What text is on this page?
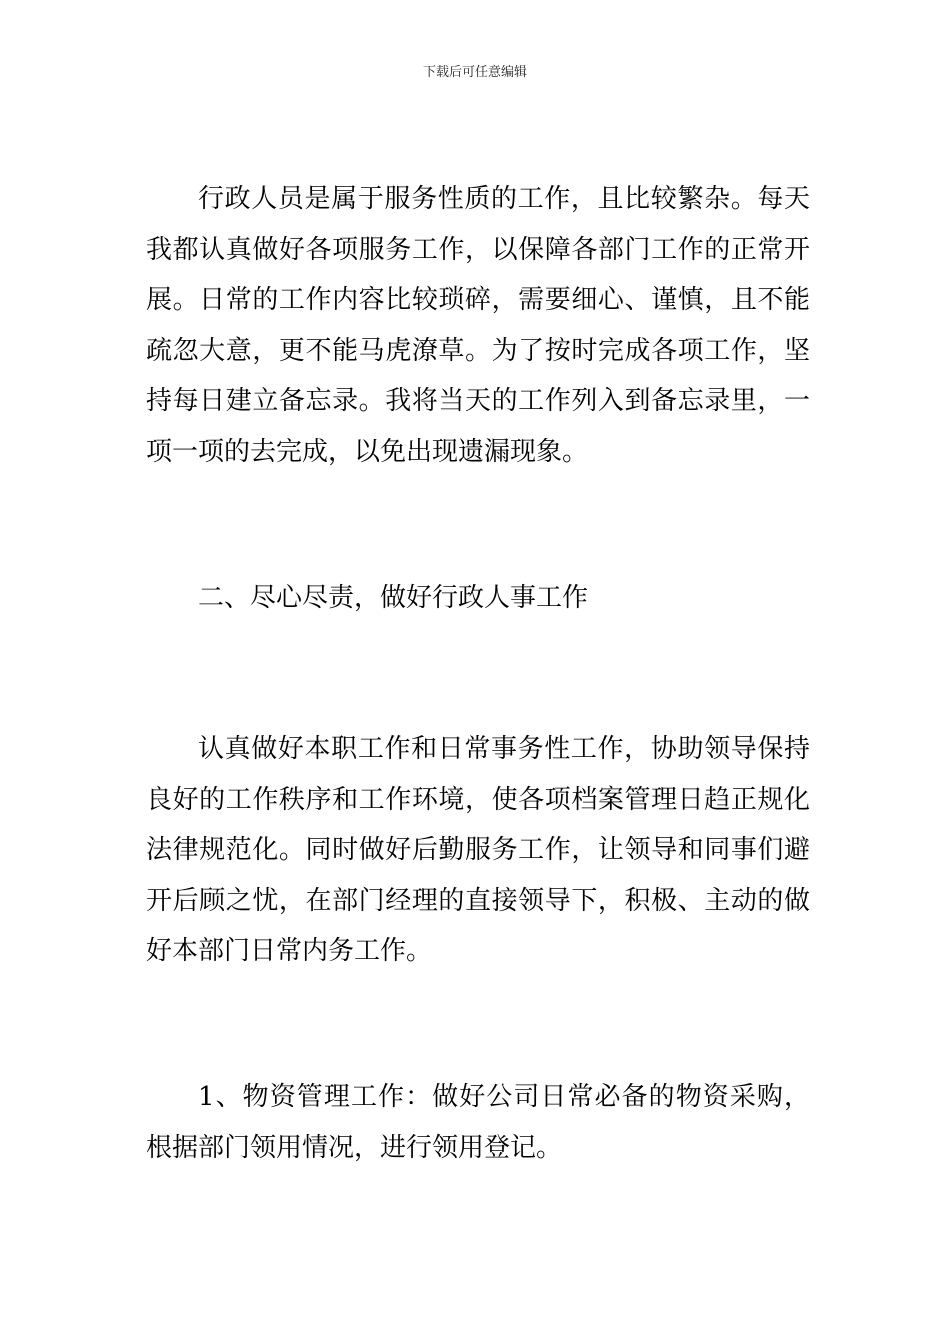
下载后可任意编辑

行政人员是属于服务性质的工作，且比较繁杂。每天我都认真做好各项服务工作，以保障各部门工作的正常开展。日常的工作内容比较琐碎，需要细心、谨慎，且不能疏忽大意，更不能马虎潦草。为了按时完成各项工作，坚持每日建立备忘录。我将当天的工作列入到备忘录里，一项一项的去完成，以免出现遗漏现象。

二、尽心尽责，做好行政人事工作

认真做好本职工作和日常事务性工作，协助领导保持良好的工作秩序和工作环境，使各项档案管理日趋正规化法律规范化。同时做好后勤服务工作，让领导和同事们避开后顾之忧，在部门经理的直接领导下，积极、主动的做好本部门日常内务工作。

1、物资管理工作：做好公司日常必备的物资采购，根据部门领用情况，进行领用登记。
